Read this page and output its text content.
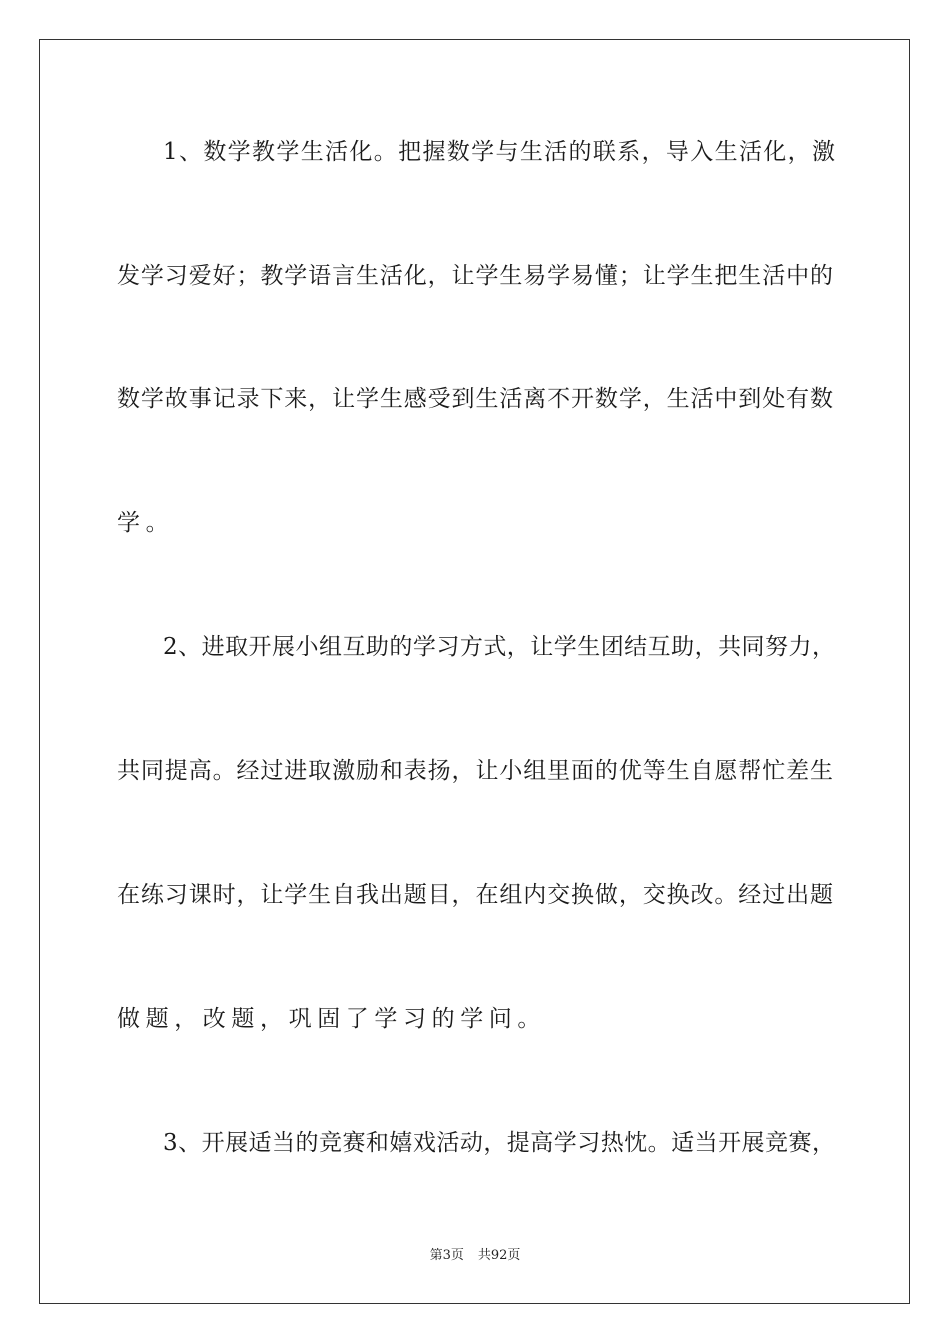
1、数学教学生活化。把握数学与生活的联系，导入生活化，激
发学习爱好；教学语言生活化，让学生易学易懂；让学生把生活中的
数学故事记录下来，让学生感受到生活离不开数学，生活中到处有数
学。
2、进取开展小组互助的学习方式，让学生团结互助，共同努力，
共同提高。经过进取激励和表扬，让小组里面的优等生自愿帮忙差生
在练习课时，让学生自我出题目，在组内交换做，交换改。经过出题
做题，改题，巩固了学习的学问。
3、开展适当的竞赛和嬉戏活动，提高学习热忱。适当开展竞赛，
第3页 共92页
